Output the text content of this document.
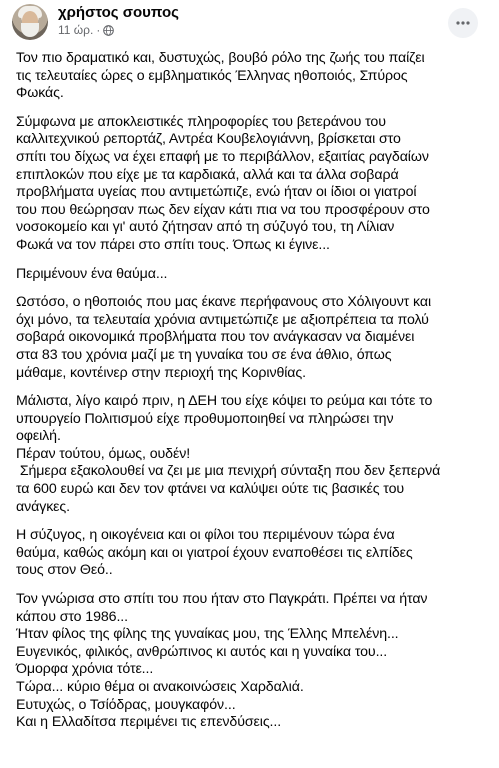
χρήστος σουπος
11 ώρ. ·

Τον πιο δραματικό και, δυστυχώς, βουβό ρόλο της ζωής του παίζει
τις τελευταίες ώρες ο εμβληματικός Έλληνας ηθοποιός, Σπύρος
Φωκάς.

Σύμφωνα με αποκλειστικές πληροφορίες του βετεράνου του
καλλιτεχνικού ρεπορτάζ, Αντρέα Κουβελογιάννη, βρίσκεται στο
σπίτι του δίχως να έχει επαφή με το περιβάλλον, εξαιτίας ραγδαίων
επιπλοκών που είχε με τα καρδιακά, αλλά και τα άλλα σοβαρά
προβλήματα υγείας που αντιμετώπιζε, ενώ ήταν οι ίδιοι οι γιατροί
του που θεώρησαν πως δεν είχαν κάτι πια να του προσφέρουν στο
νοσοκομείο και γι' αυτό ζήτησαν από τη σύζυγό του, τη Λίλιαν
Φωκά να τον πάρει στο σπίτι τους. Όπως κι έγινε...

Περιμένουν ένα θαύμα...

Ωστόσο, ο ηθοποιός που μας έκανε περήφανους στο Χόλιγουντ και
όχι μόνο, τα τελευταία χρόνια αντιμετώπιζε με αξιοπρέπεια τα πολύ
σοβαρά οικονομικά προβλήματα που τον ανάγκασαν να διαμένει
στα 83 του χρόνια μαζί με τη γυναίκα του σε ένα άθλιο, όπως
μάθαμε, κοντέινερ στην περιοχή της Κορινθίας.

Μάλιστα, λίγο καιρό πριν, η ΔΕΗ του είχε κόψει το ρεύμα και τότε το
υπουργείο Πολιτισμού είχε προθυμοποιηθεί να πληρώσει την
οφειλή.
Πέραν τούτου, όμως, ουδέν!
Σήμερα εξακολουθεί να ζει με μια πενιχρή σύνταξη που δεν ξεπερνά
τα 600 ευρώ και δεν τον φτάνει να καλύψει ούτε τις βασικές του
ανάγκες.

Η σύζυγος, η οικογένεια και οι φίλοι του περιμένουν τώρα ένα
θαύμα, καθώς ακόμη και οι γιατροί έχουν εναποθέσει τις ελπίδες
τους στον Θεό..

Τον γνώρισα στο σπίτι του που ήταν στο Παγκράτι. Πρέπει να ήταν
κάπου στο 1986...
Ήταν φίλος της φίλης της γυναίκας μου, της Έλλης Μπελένη...
Ευγενικός, φιλικός, ανθρώπινος κι αυτός και η γυναίκα του...
Όμορφα χρόνια τότε...
Τώρα... κύριο θέμα οι ανακοινώσεις Χαρδαλιά.
Ευτυχώς, ο Τσίόδρας, μουγκαφόν...
Και η Ελλαδίτσα περιμένει τις επενδύσεις...
